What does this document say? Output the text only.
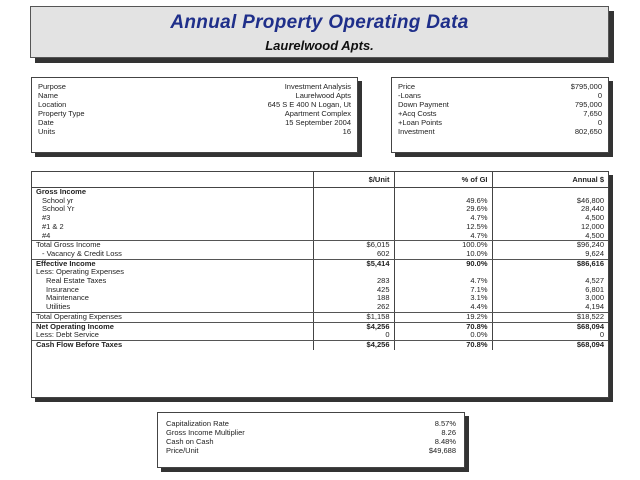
Annual Property Operating Data
Laurelwood Apts.
Purpose	Investment Analysis
Name	Laurelwood Apts
Location	645 S E 400 N Logan, Ut
Property Type	Apartment Complex
Date	15 September 2004
Units	16
Price	$795,000
-Loans	0
Down Payment	795,000
+Acq Costs	7,650
+Loan Points	0
Investment	802,650
	$/Unit	% of GI	Annual $
Gross Income			
School yr		49.6%	$46,800
School Yr		29.6%	28,440
#3		4.7%	4,500
#1 & 2		12.5%	12,000
#4		4.7%	4,500
Total Gross Income	$6,015	100.0%	$96,240
- Vacancy & Credit Loss	602	10.0%	9,624
Effective Income	$5,414	90.0%	$86,616
Less: Operating Expenses			
Real Estate Taxes	283	4.7%	4,527
Insurance	425	7.1%	6,801
Maintenance	188	3.1%	3,000
Utilities	262	4.4%	4,194
Total Operating Expenses	$1,158	19.2%	$18,522
Net Operating Income	$4,256	70.8%	$68,094
Less: Debt Service	0	0.0%	0
Cash Flow Before Taxes	$4,256	70.8%	$68,094
Capitalization Rate	8.57%
Gross Income Multiplier	8.26
Cash on Cash	8.48%
Price/Unit	$49,688
